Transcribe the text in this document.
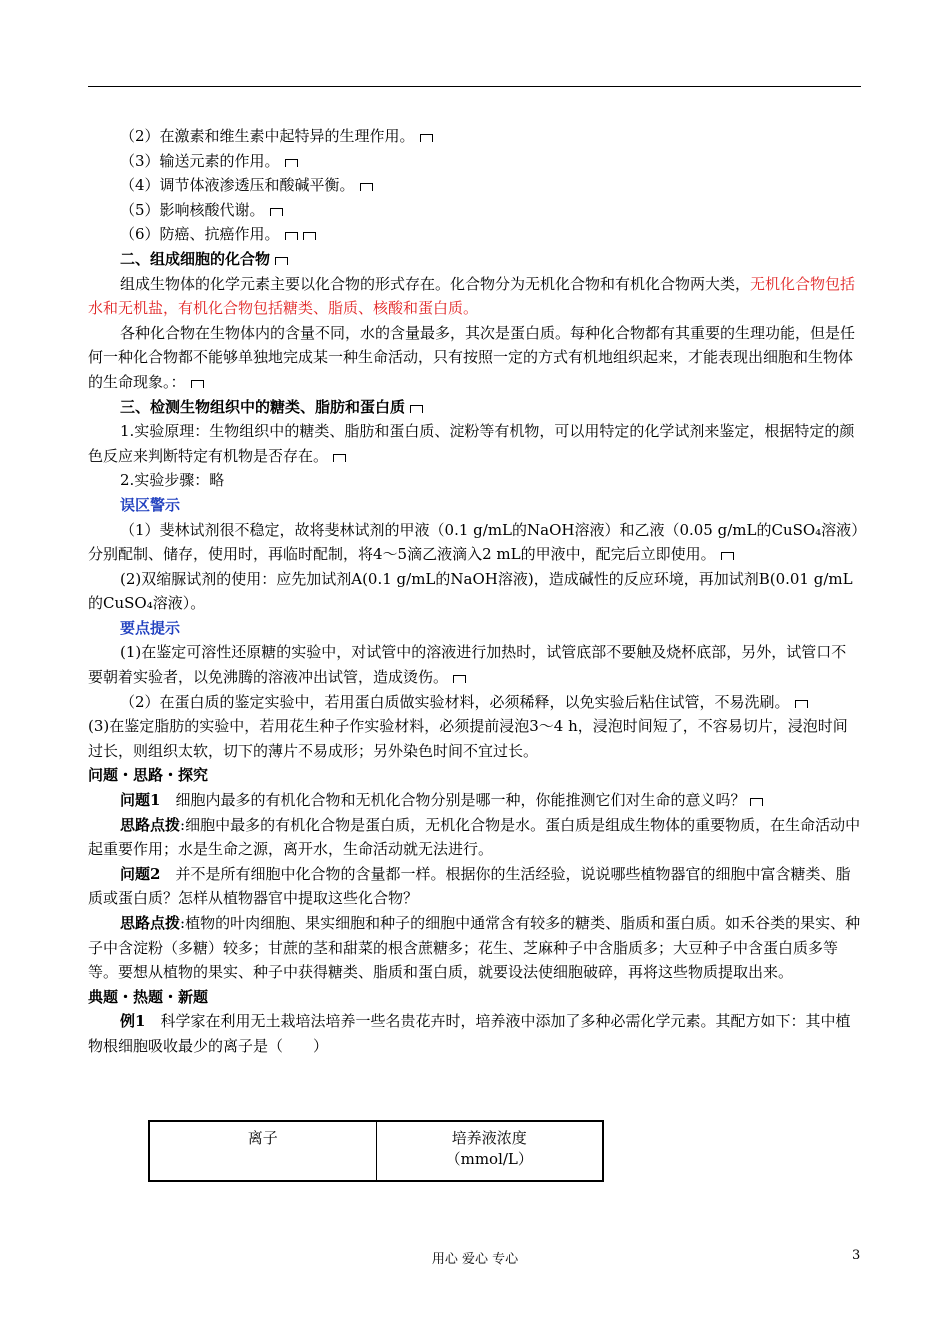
（2）在激素和维生素中起特异的生理作用。

（3）输送元素的作用。

（4）调节体液渗透压和酸碱平衡。

（5）影响核酸代谢。

（6）防癌、抗癌作用。

二、组成细胞的化合物

组成生物体的化学元素主要以化合物的形式存在。化合物分为无机化合物和有机化合物两大类，无机化合物包括水和无机盐，有机化合物包括糖类、脂质、核酸和蛋白质。

各种化合物在生物体内的含量不同，水的含量最多，其次是蛋白质。每种化合物都有其重要的生理功能，但是任何一种化合物都不能够单独地完成某一种生命活动，只有按照一定的方式有机地组织起来，才能表现出细胞和生物体的生命现象。：

三、检测生物组织中的糖类、脂肪和蛋白质

1.实验原理：生物组织中的糖类、脂肪和蛋白质、淀粉等有机物，可以用特定的化学试剂来鉴定，根据特定的颜色反应来判断特定有机物是否存在。

2.实验步骤：略

误区警示

（1）斐林试剂很不稳定，故将斐林试剂的甲液（0.1 g/mL的NaOH溶液）和乙液（0.05 g/mL的CuSO₄溶液）分别配制、储存，使用时，再临时配制，将4～5滴乙液滴入2 mL的甲液中，配完后立即使用。

(2)双缩脲试剂的使用：应先加试剂A(0.1 g/mL的NaOH溶液)，造成碱性的反应环境，再加试剂B(0.01 g/mL的CuSO₄溶液）。

要点提示

(1)在鉴定可溶性还原糖的实验中，对试管中的溶液进行加热时，试管底部不要触及烧杯底部，另外，试管口不要朝着实验者，以免沸腾的溶液冲出试管，造成烫伤。

（2）在蛋白质的鉴定实验中，若用蛋白质做实验材料，必须稀释，以免实验后粘住试管，不易洗刷。

(3)在鉴定脂肪的实验中，若用花生种子作实验材料，必须提前浸泡3～4 h，浸泡时间短了，不容易切片，浸泡时间过长，则组织太软，切下的薄片不易成形；另外染色时间不宜过长。

问题・思路・探究

问题1　细胞内最多的有机化合物和无机化合物分别是哪一种，你能推测它们对生命的意义吗？

思路点拨:细胞中最多的有机化合物是蛋白质，无机化合物是水。蛋白质是组成生物体的重要物质，在生命活动中起重要作用；水是生命之源，离开水，生命活动就无法进行。

问题2　并不是所有细胞中化合物的含量都一样。根据你的生活经验，说说哪些植物器官的细胞中富含糖类、脂质或蛋白质？怎样从植物器官中提取这些化合物？

思路点拨:植物的叶肉细胞、果实细胞和种子的细胞中通常含有较多的糖类、脂质和蛋白质。如禾谷类的果实、种子中含淀粉（多糖）较多；甘蔗的茎和甜菜的根含蔗糖多；花生、芝麻种子中含脂质多；大豆种子中含蛋白质多等等。要想从植物的果实、种子中获得糖类、脂质和蛋白质，就要设法使细胞破碎，再将这些物质提取出来。

典题・热题・新题

例1　科学家在利用无土栽培法培养一些名贵花卉时，培养液中添加了多种必需化学元素。其配方如下：其中植物根细胞吸收最少的离子是（　　）

离子	培养液浓度
（mmol/L）
用心 爱心 专心	3
